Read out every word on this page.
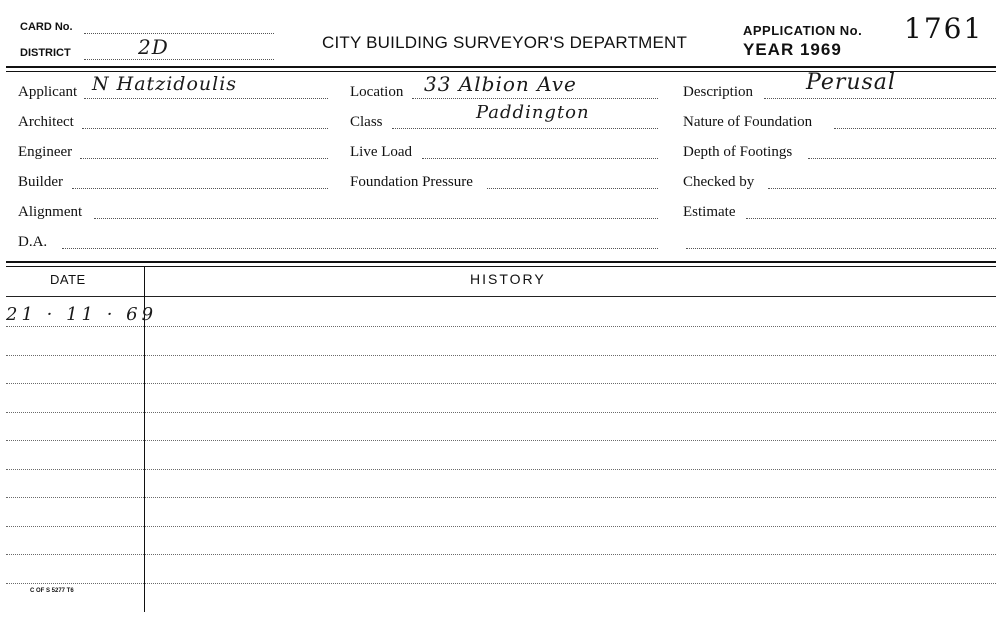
CARD No.
DISTRICT	2D	CITY BUILDING SURVEYOR'S DEPARTMENT
APPLICATION No. 1761
YEAR 1969
Applicant N Hatzidoulis
Architect
Engineer
Builder
Alignment
D.A.
Location 33 Albion Ave
Class	Paddington
Live Load
Foundation Pressure
Description Perusal
Nature of Foundation
Depth of Footings
Checked by
Estimate
DATE	HISTORY
21 · 11 · 69
C OF S 5277 T6
